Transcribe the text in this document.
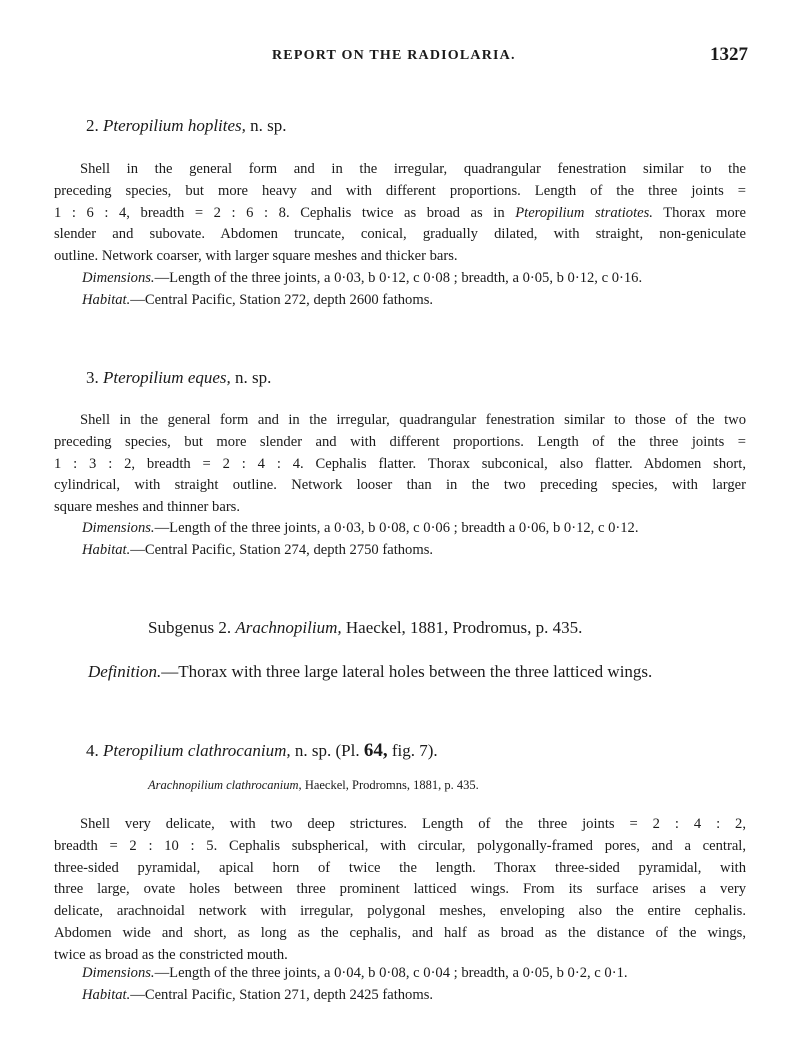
REPORT ON THE RADIOLARIA.	1327
2. Pteropilium hoplites, n. sp.
Shell in the general form and in the irregular, quadrangular fenestration similar to the
preceding species, but more heavy and with different proportions. Length of the three joints =
1 : 6 : 4, breadth = 2 : 6 : 8. Cephalis twice as broad as in Pteropilium stratiotes. Thorax more
slender and subovate. Abdomen truncate, conical, gradually dilated, with straight, non-geniculate
outline. Network coarser, with larger square meshes and thicker bars.
Dimensions.—Length of the three joints, a 0·03, b 0·12, c 0·08 ; breadth, a 0·05, b 0·12, c 0·16.
Habitat.—Central Pacific, Station 272, depth 2600 fathoms.
3. Pteropilium eques, n. sp.
Shell in the general form and in the irregular, quadrangular fenestration similar to those of the two
preceding species, but more slender and with different proportions. Length of the three joints =
1 : 3 : 2, breadth = 2 : 4 : 4. Cephalis flatter. Thorax subconical, also flatter. Abdomen short,
cylindrical, with straight outline. Network looser than in the two preceding species, with larger
square meshes and thinner bars.
Dimensions.—Length of the three joints, a 0·03, b 0·08, c 0·06 ; breadth a 0·06, b 0·12, c 0·12.
Habitat.—Central Pacific, Station 274, depth 2750 fathoms.
Subgenus 2. Arachnopilium, Haeckel, 1881, Prodromus, p. 435.
Definition.—Thorax with three large lateral holes between the three latticed wings.
4. Pteropilium clathrocanium, n. sp. (Pl. 64, fig. 7).
Arachnopilium clathrocanium, Haeckel, Prodromns, 1881, p. 435.
Shell very delicate, with two deep strictures. Length of the three joints = 2 : 4 : 2,
breadth = 2 : 10 : 5. Cephalis subspherical, with circular, polygonally-framed pores, and a central,
three-sided pyramidal, apical horn of twice the length. Thorax three-sided pyramidal, with
three large, ovate holes between three prominent latticed wings. From its surface arises a very
delicate, arachnoidal network with irregular, polygonal meshes, enveloping also the entire cephalis.
Abdomen wide and short, as long as the cephalis, and half as broad as the distance of the wings,
twice as broad as the constricted mouth.
Dimensions.—Length of the three joints, a 0·04, b 0·08, c 0·04 ; breadth, a 0·05, b 0·2, c 0·1.
Habitat.—Central Pacific, Station 271, depth 2425 fathoms.
